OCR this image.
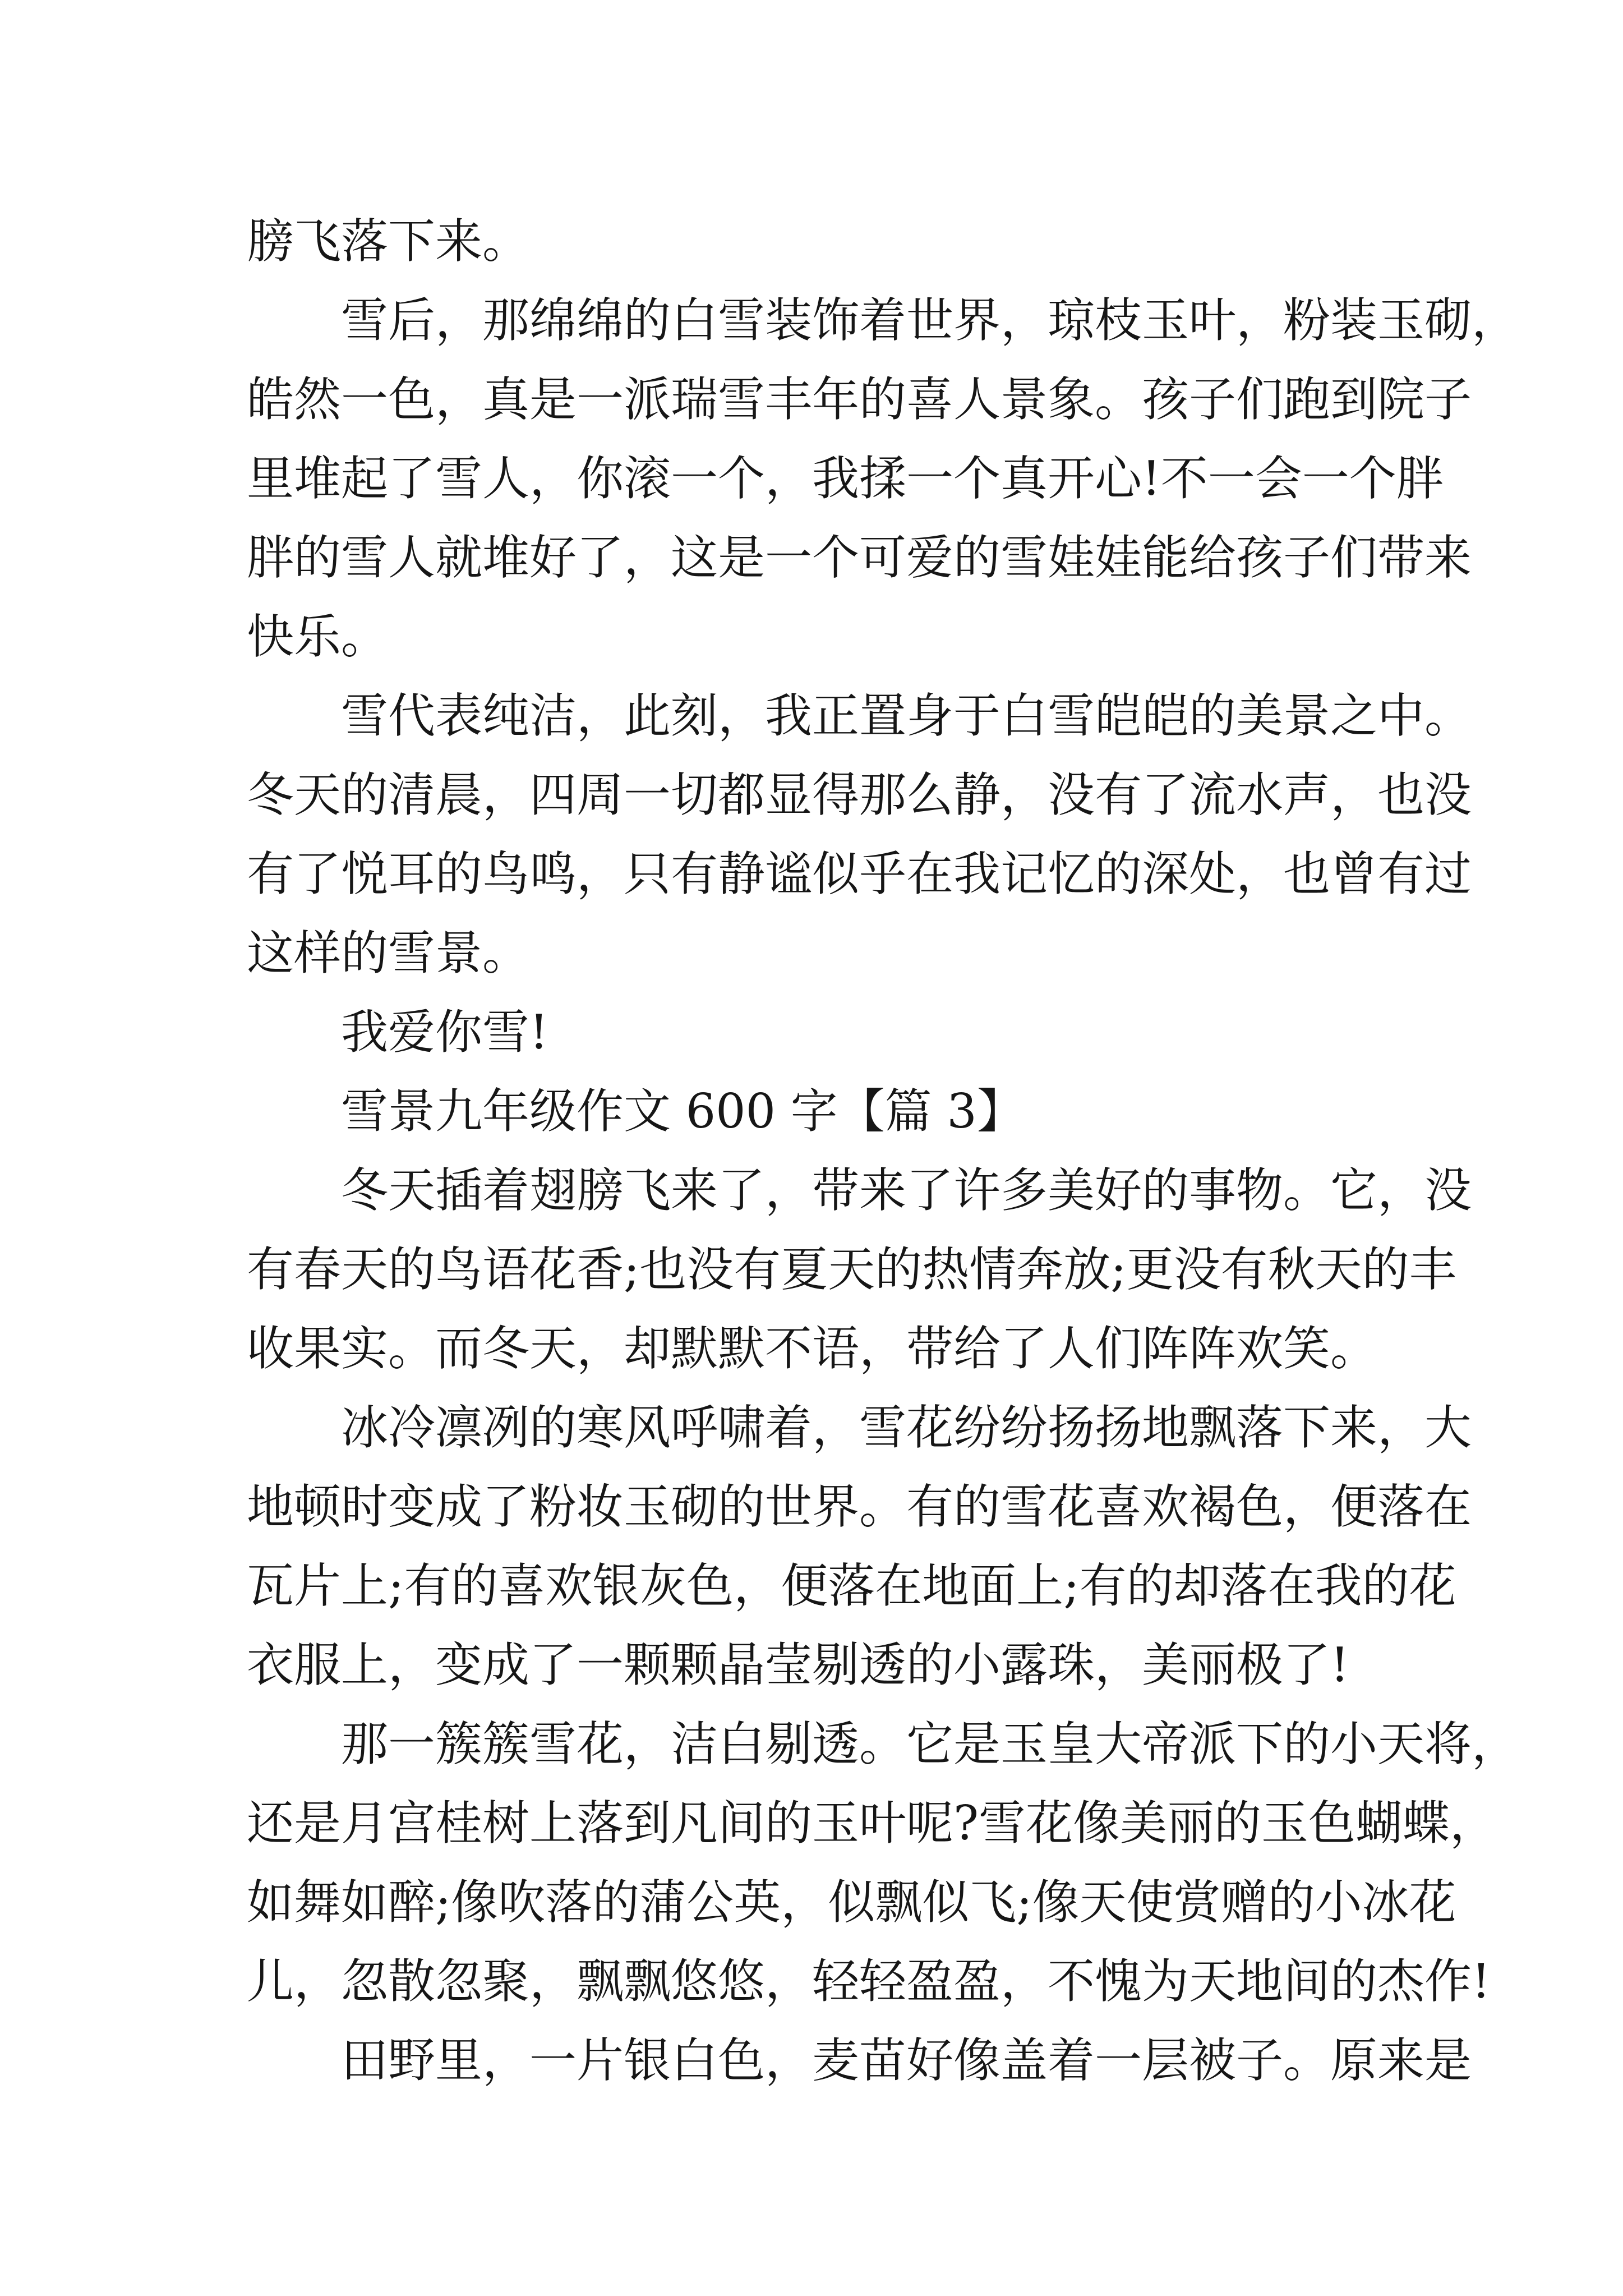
膀飞落下来。
雪后，那绵绵的白雪装饰着世界，琼枝玉叶，粉装玉砌，
皓然一色，真是一派瑞雪丰年的喜人景象。孩子们跑到院子
里堆起了雪人，你滚一个，我揉一个真开心!不一会一个胖
胖的雪人就堆好了，这是一个可爱的雪娃娃能给孩子们带来
快乐。
雪代表纯洁，此刻，我正置身于白雪皑皑的美景之中。
冬天的清晨，四周一切都显得那么静，没有了流水声，也没
有了悦耳的鸟鸣，只有静谧似乎在我记忆的深处，也曾有过
这样的雪景。
我爱你雪!
雪景九年级作文 600 字【篇 3】
冬天插着翅膀飞来了，带来了许多美好的事物。它，没
有春天的鸟语花香;也没有夏天的热情奔放;更没有秋天的丰
收果实。而冬天，却默默不语，带给了人们阵阵欢笑。
冰冷凛冽的寒风呼啸着，雪花纷纷扬扬地飘落下来，大
地顿时变成了粉妆玉砌的世界。有的雪花喜欢褐色，便落在
瓦片上;有的喜欢银灰色，便落在地面上;有的却落在我的花
衣服上，变成了一颗颗晶莹剔透的小露珠，美丽极了!
那一簇簇雪花，洁白剔透。它是玉皇大帝派下的小天将，
还是月宫桂树上落到凡间的玉叶呢?雪花像美丽的玉色蝴蝶，
如舞如醉;像吹落的蒲公英，似飘似飞;像天使赏赠的小冰花
儿，忽散忽聚，飘飘悠悠，轻轻盈盈，不愧为天地间的杰作!
田野里，一片银白色，麦苗好像盖着一层被子。原来是
